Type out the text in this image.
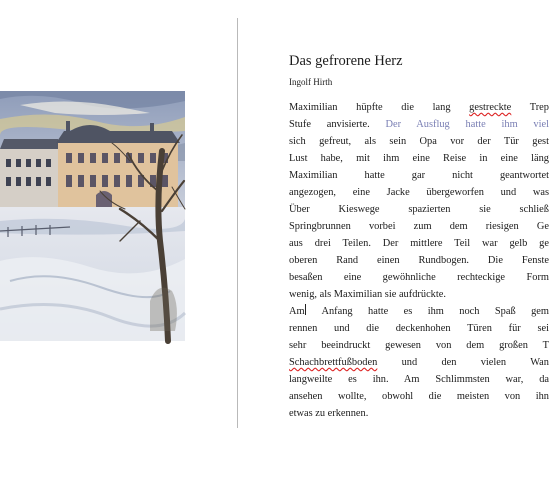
Das gefrorene Herz
Ingolf Hirth
Maximilian hüpfte die lang gestreckte Trep
Stufe anvisierte. Der Ausflug hatte ihm viel
sich gefreut, als sein Opa vor der Tür gest
Lust habe, mit ihm eine Reise in eine läng
Maximilian hatte gar nicht geantwortet
angezogen, eine Jacke übergeworfen und was
Über Kieswege spazierten sie schließ
Springbrunnen vorbei zum dem riesigen Ge
aus drei Teilen. Der mittlere Teil war gelb ge
oberen Rand einen Rundbogen. Die Fenste
besaßen eine gewöhnliche rechteckige Form
wenig, als Maximilian sie aufdrückte.
Am Anfang hatte es ihm noch Spaß gem
rennen und die deckenhohen Türen für sei
sehr beeindruckt gewesen von dem großen T
Schachbrettfußboden und den vielen Wan
langweilte es ihn. Am Schlimmsten war, da
ansehen wollte, obwohl die meisten von ihn
etwas zu erkennen.
